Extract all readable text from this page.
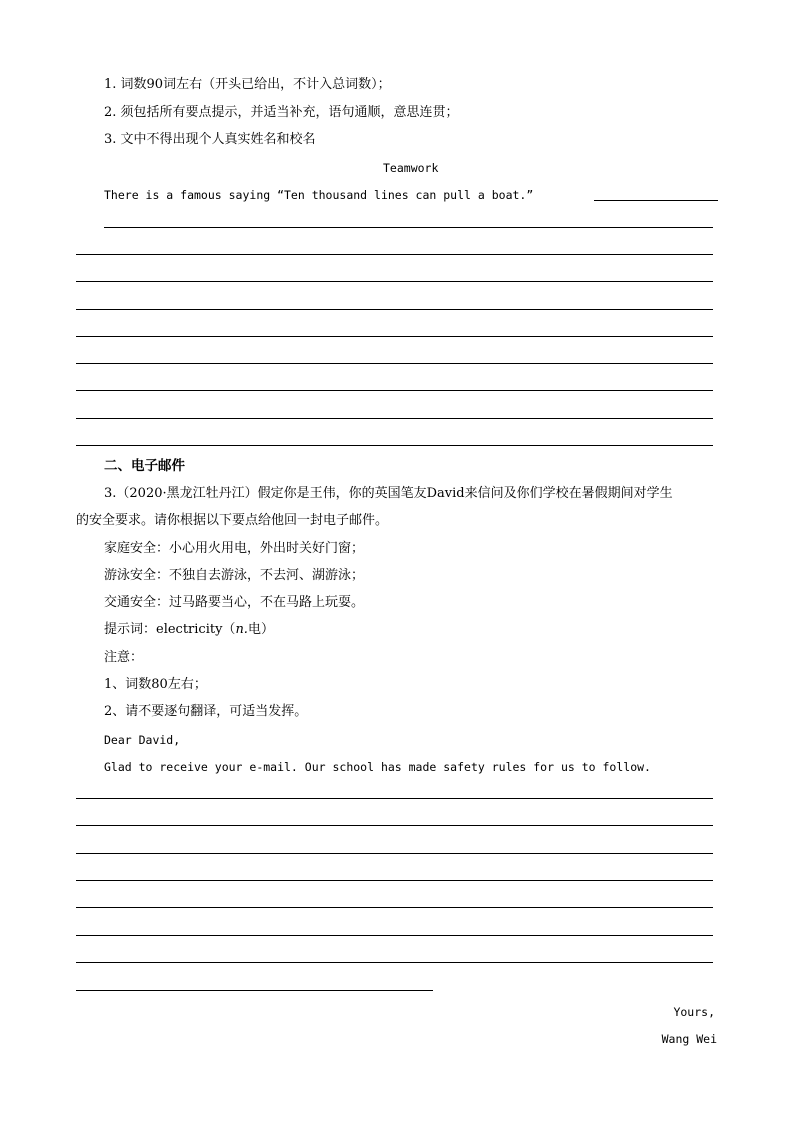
1. 词数90词左右（开头已给出，不计入总词数）；
2. 须包括所有要点提示，并适当补充，语句通顺，意思连贯；
3. 文中不得出现个人真实姓名和校名
Teamwork
There is a famous saying “Ten thousand lines can pull a boat.”
二、电子邮件
3.（2020·黑龙江牡丹江）假定你是王伟，你的英国笔友David来信问及你们学校在暑假期间对学生
的安全要求。请你根据以下要点给他回一封电子邮件。
家庭安全：小心用火用电，外出时关好门窗；
游泳安全：不独自去游泳，不去河、湖游泳；
交通安全：过马路要当心，不在马路上玩耍。
提示词：electricity（n.电）
注意：
1、词数80左右；
2、请不要逐句翻译，可适当发挥。
Dear David,
Glad to receive your e-mail. Our school has made safety rules for us to follow.
Yours,
Wang Wei
